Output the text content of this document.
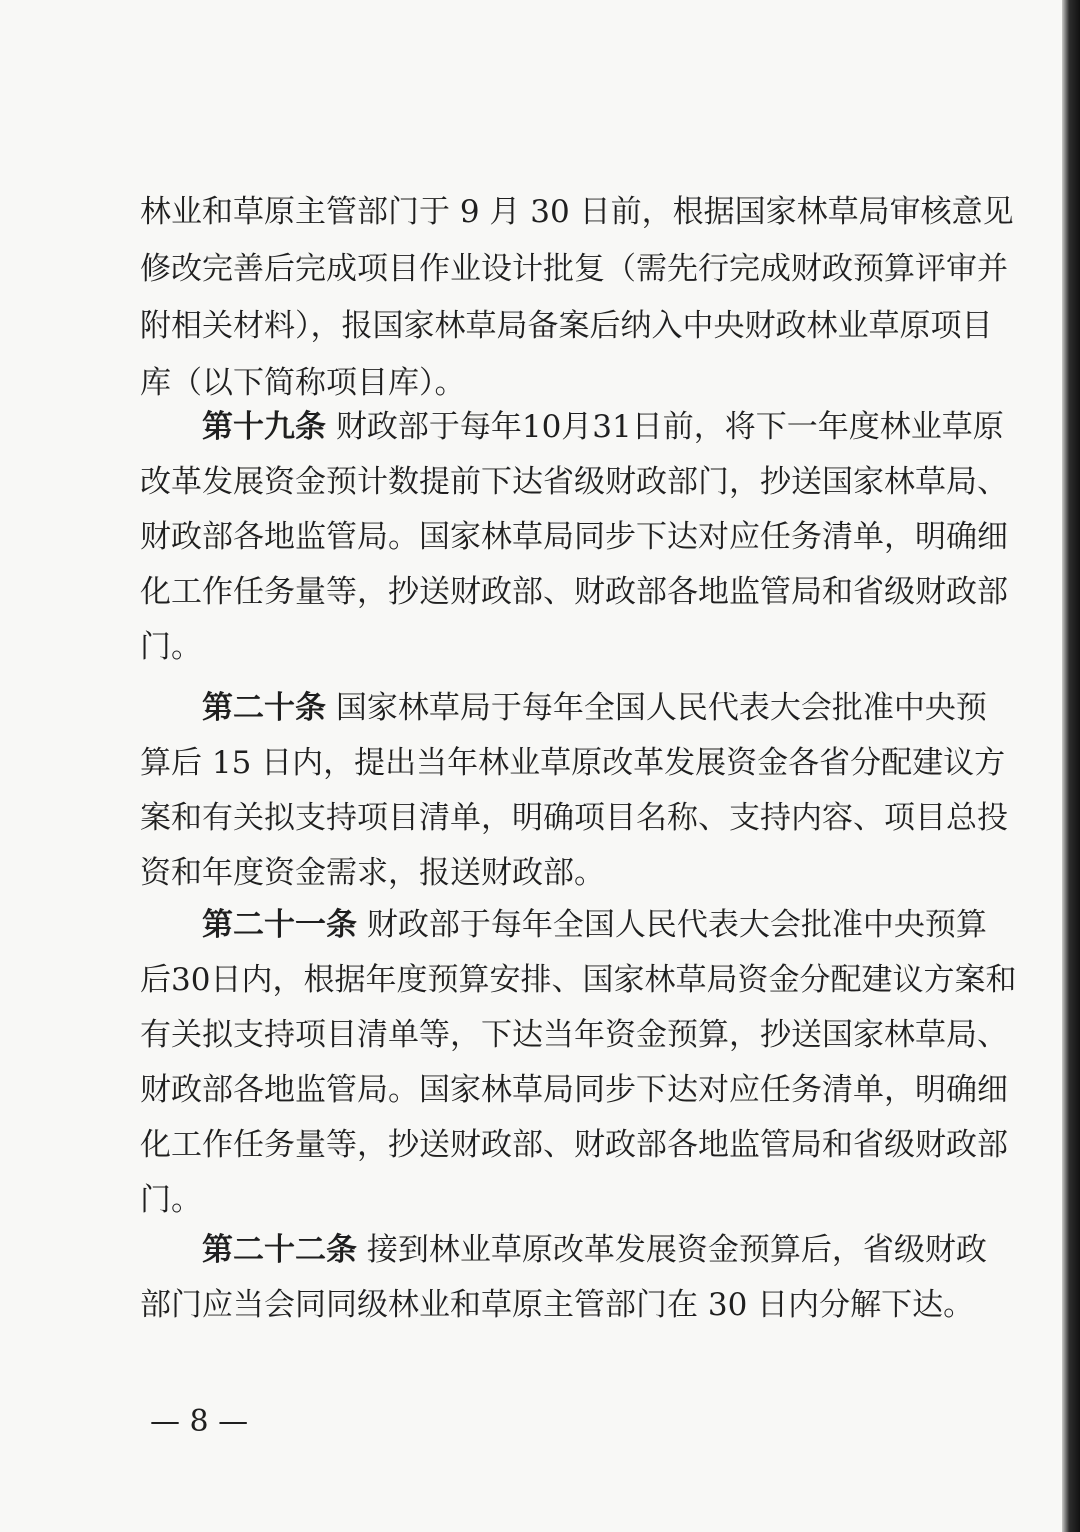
林业和草原主管部门于 9 月 30 日前，根据国家林草局审核意见
修改完善后完成项目作业设计批复（需先行完成财政预算评审并
附相关材料），报国家林草局备案后纳入中央财政林业草原项目
库（以下简称项目库）。
第十九条 财政部于每年10月31日前，将下一年度林业草原
改革发展资金预计数提前下达省级财政部门，抄送国家林草局、
财政部各地监管局。国家林草局同步下达对应任务清单，明确细
化工作任务量等，抄送财政部、财政部各地监管局和省级财政部
门。
第二十条 国家林草局于每年全国人民代表大会批准中央预
算后 15 日内，提出当年林业草原改革发展资金各省分配建议方
案和有关拟支持项目清单，明确项目名称、支持内容、项目总投
资和年度资金需求，报送财政部。
第二十一条 财政部于每年全国人民代表大会批准中央预算
后30日内，根据年度预算安排、国家林草局资金分配建议方案和
有关拟支持项目清单等，下达当年资金预算，抄送国家林草局、
财政部各地监管局。国家林草局同步下达对应任务清单，明确细
化工作任务量等，抄送财政部、财政部各地监管局和省级财政部
门。
第二十二条 接到林业草原改革发展资金预算后，省级财政
部门应当会同同级林业和草原主管部门在 30 日内分解下达。
— 8 —
